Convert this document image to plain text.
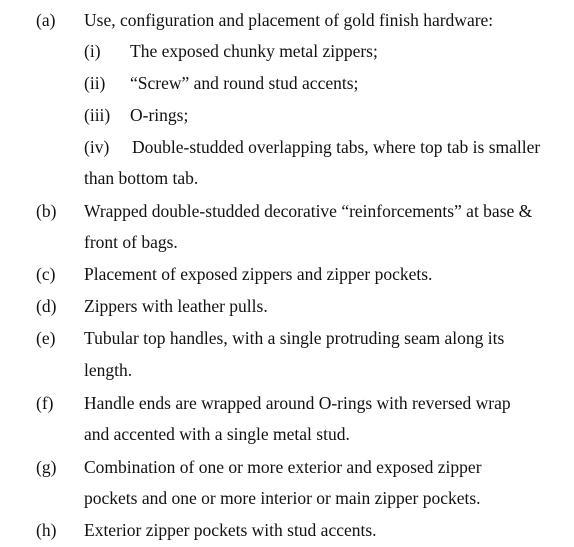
(a) Use, configuration and placement of gold finish hardware:
(i) The exposed chunky metal zippers;
(ii) “Screw” and round stud accents;
(iii) O-rings;
(iv) Double-studded overlapping tabs, where top tab is smaller
than bottom tab.
(b) Wrapped double-studded decorative “reinforcements” at base &
front of bags.
(c) Placement of exposed zippers and zipper pockets.
(d) Zippers with leather pulls.
(e) Tubular top handles, with a single protruding seam along its
length.
(f) Handle ends are wrapped around O-rings with reversed wrap
and accented with a single metal stud.
(g) Combination of one or more exterior and exposed zipper
pockets and one or more interior or main zipper pockets.
(h) Exterior zipper pockets with stud accents.
